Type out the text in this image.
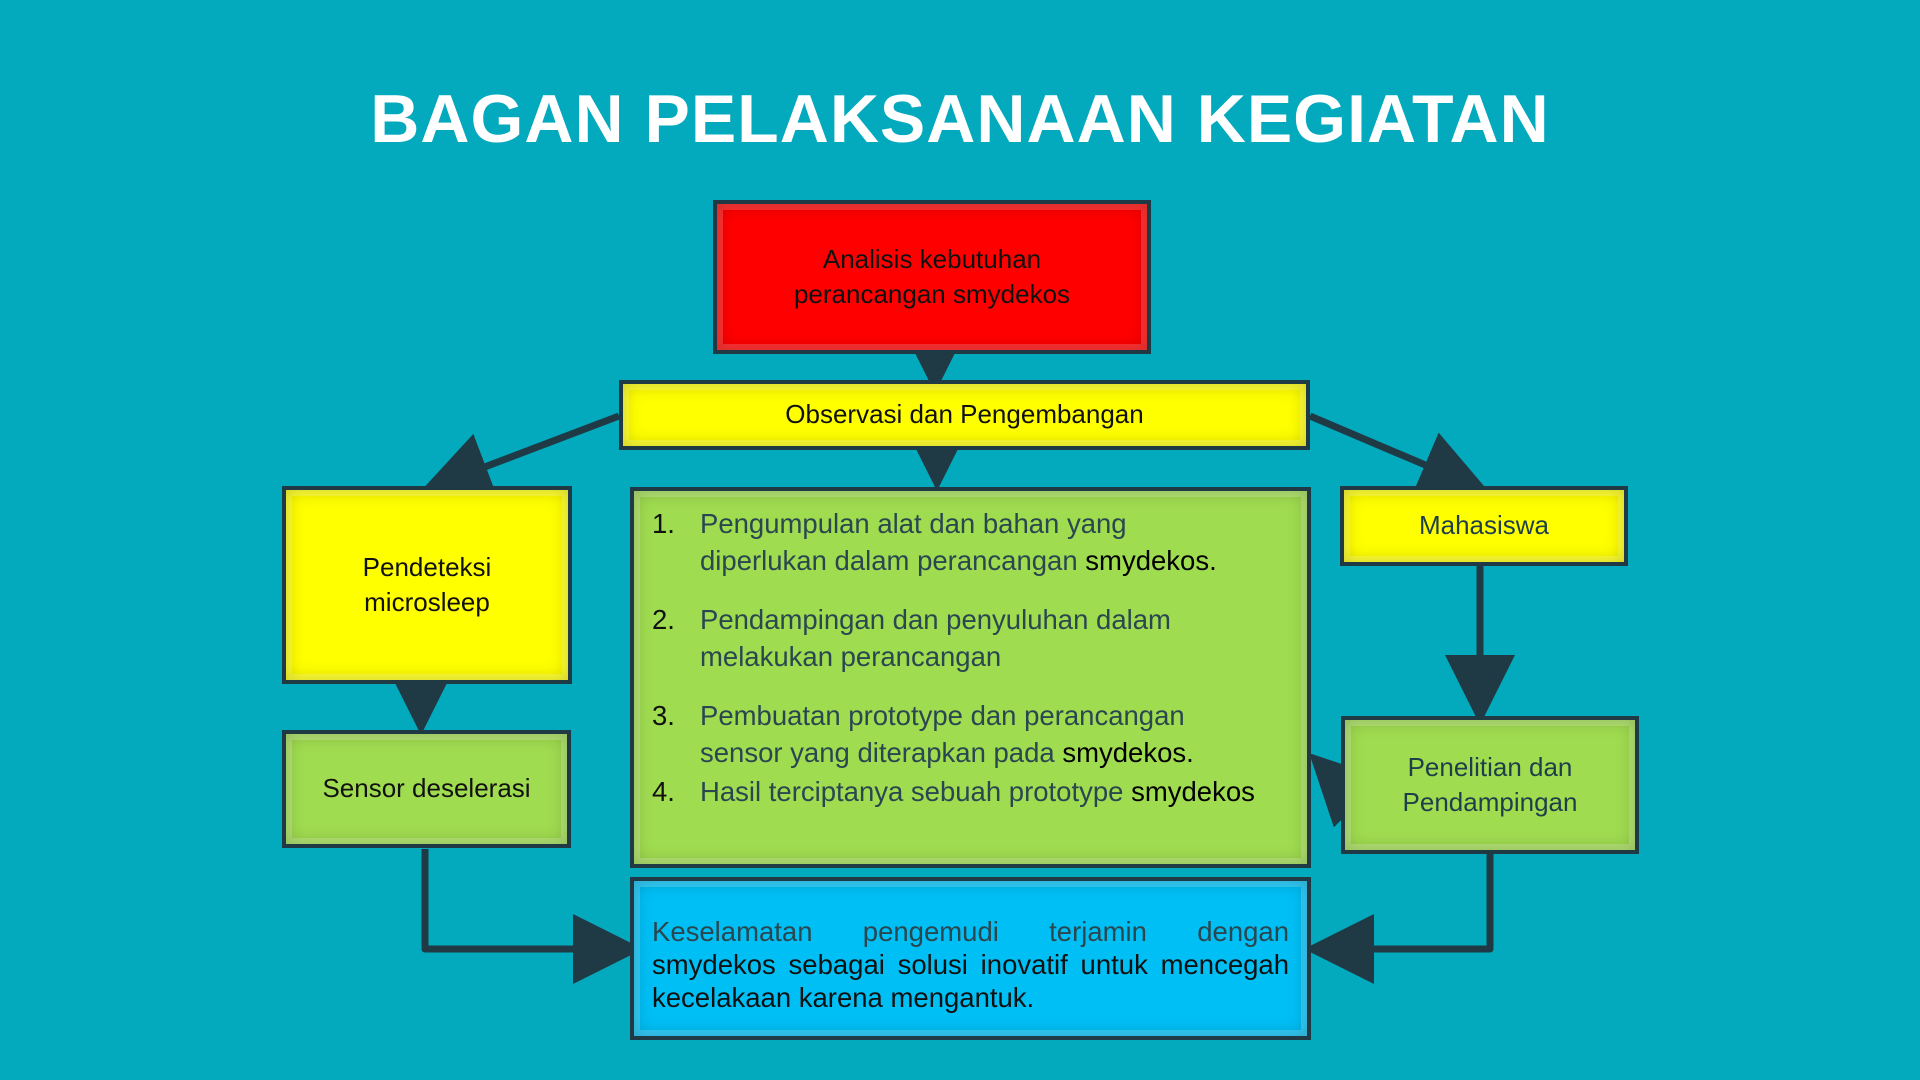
BAGAN PELAKSANAAN KEGIATAN
Analisis kebutuhan
perancangan smydekos
Observasi dan Pengembangan
Pendeteksi
microsleep
Sensor deselerasi
Mahasiswa
Penelitian dan
Pendampingan
1. Pengumpulan alat dan bahan yang
diperlukan dalam perancangan smydekos.
2. Pendampingan dan penyuluhan dalam
melakukan perancangan
3. Pembuatan prototype dan perancangan
sensor yang diterapkan pada smydekos.
4. Hasil terciptanya sebuah prototype smydekos
Keselamatan pengemudi terjamin dengan smydekos sebagai solusi inovatif untuk mencegah kecelakaan karena mengantuk.
